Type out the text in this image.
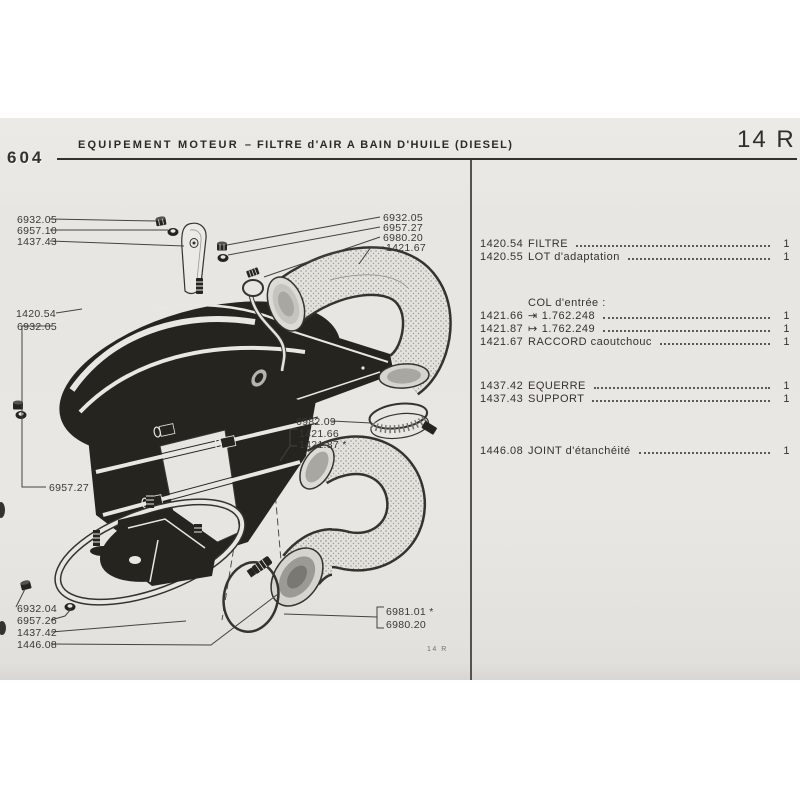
604
EQUIPEMENT MOTEUR – FILTRE d'AIR A BAIN D'HUILE (DIESEL)	14 R
14 R
6932.05
6957.10
1437.43
6932.05
6957.27
6980.20
1421.67
1420.54
6932.05
6957.27
6982.09
1421.66
1421.87 *
6932.04
6957.26
1437.42
1446.08
6981.01 *
6980.20
1420.54 FILTRE	1
1420.55 LOT d'adaptation	1
COL d'entrée :
1421.66 ⇥ 1.762.248	1
1421.87 ↦ 1.762.249	1
1421.67 RACCORD caoutchouc	1
1437.42 EQUERRE	1
1437.43 SUPPORT	1
1446.08 JOINT d'étanchéité	1
